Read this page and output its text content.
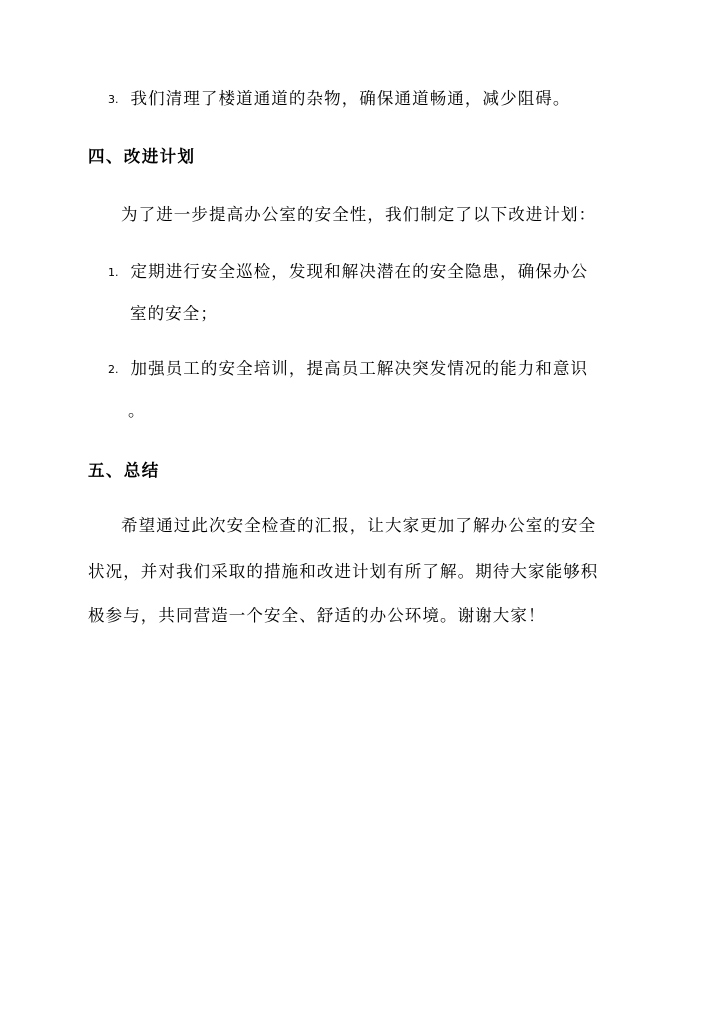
3. 我们清理了楼道通道的杂物，确保通道畅通，减少阻碍。
四、改进计划
为了进一步提高办公室的安全性，我们制定了以下改进计划：
1. 定期进行安全巡检，发现和解决潜在的安全隐患，确保办公
室的安全；
2. 加强员工的安全培训，提高员工解决突发情况的能力和意识
。
五、总结
希望通过此次安全检查的汇报，让大家更加了解办公室的安全
状况，并对我们采取的措施和改进计划有所了解。期待大家能够积
极参与，共同营造一个安全、舒适的办公环境。谢谢大家！
